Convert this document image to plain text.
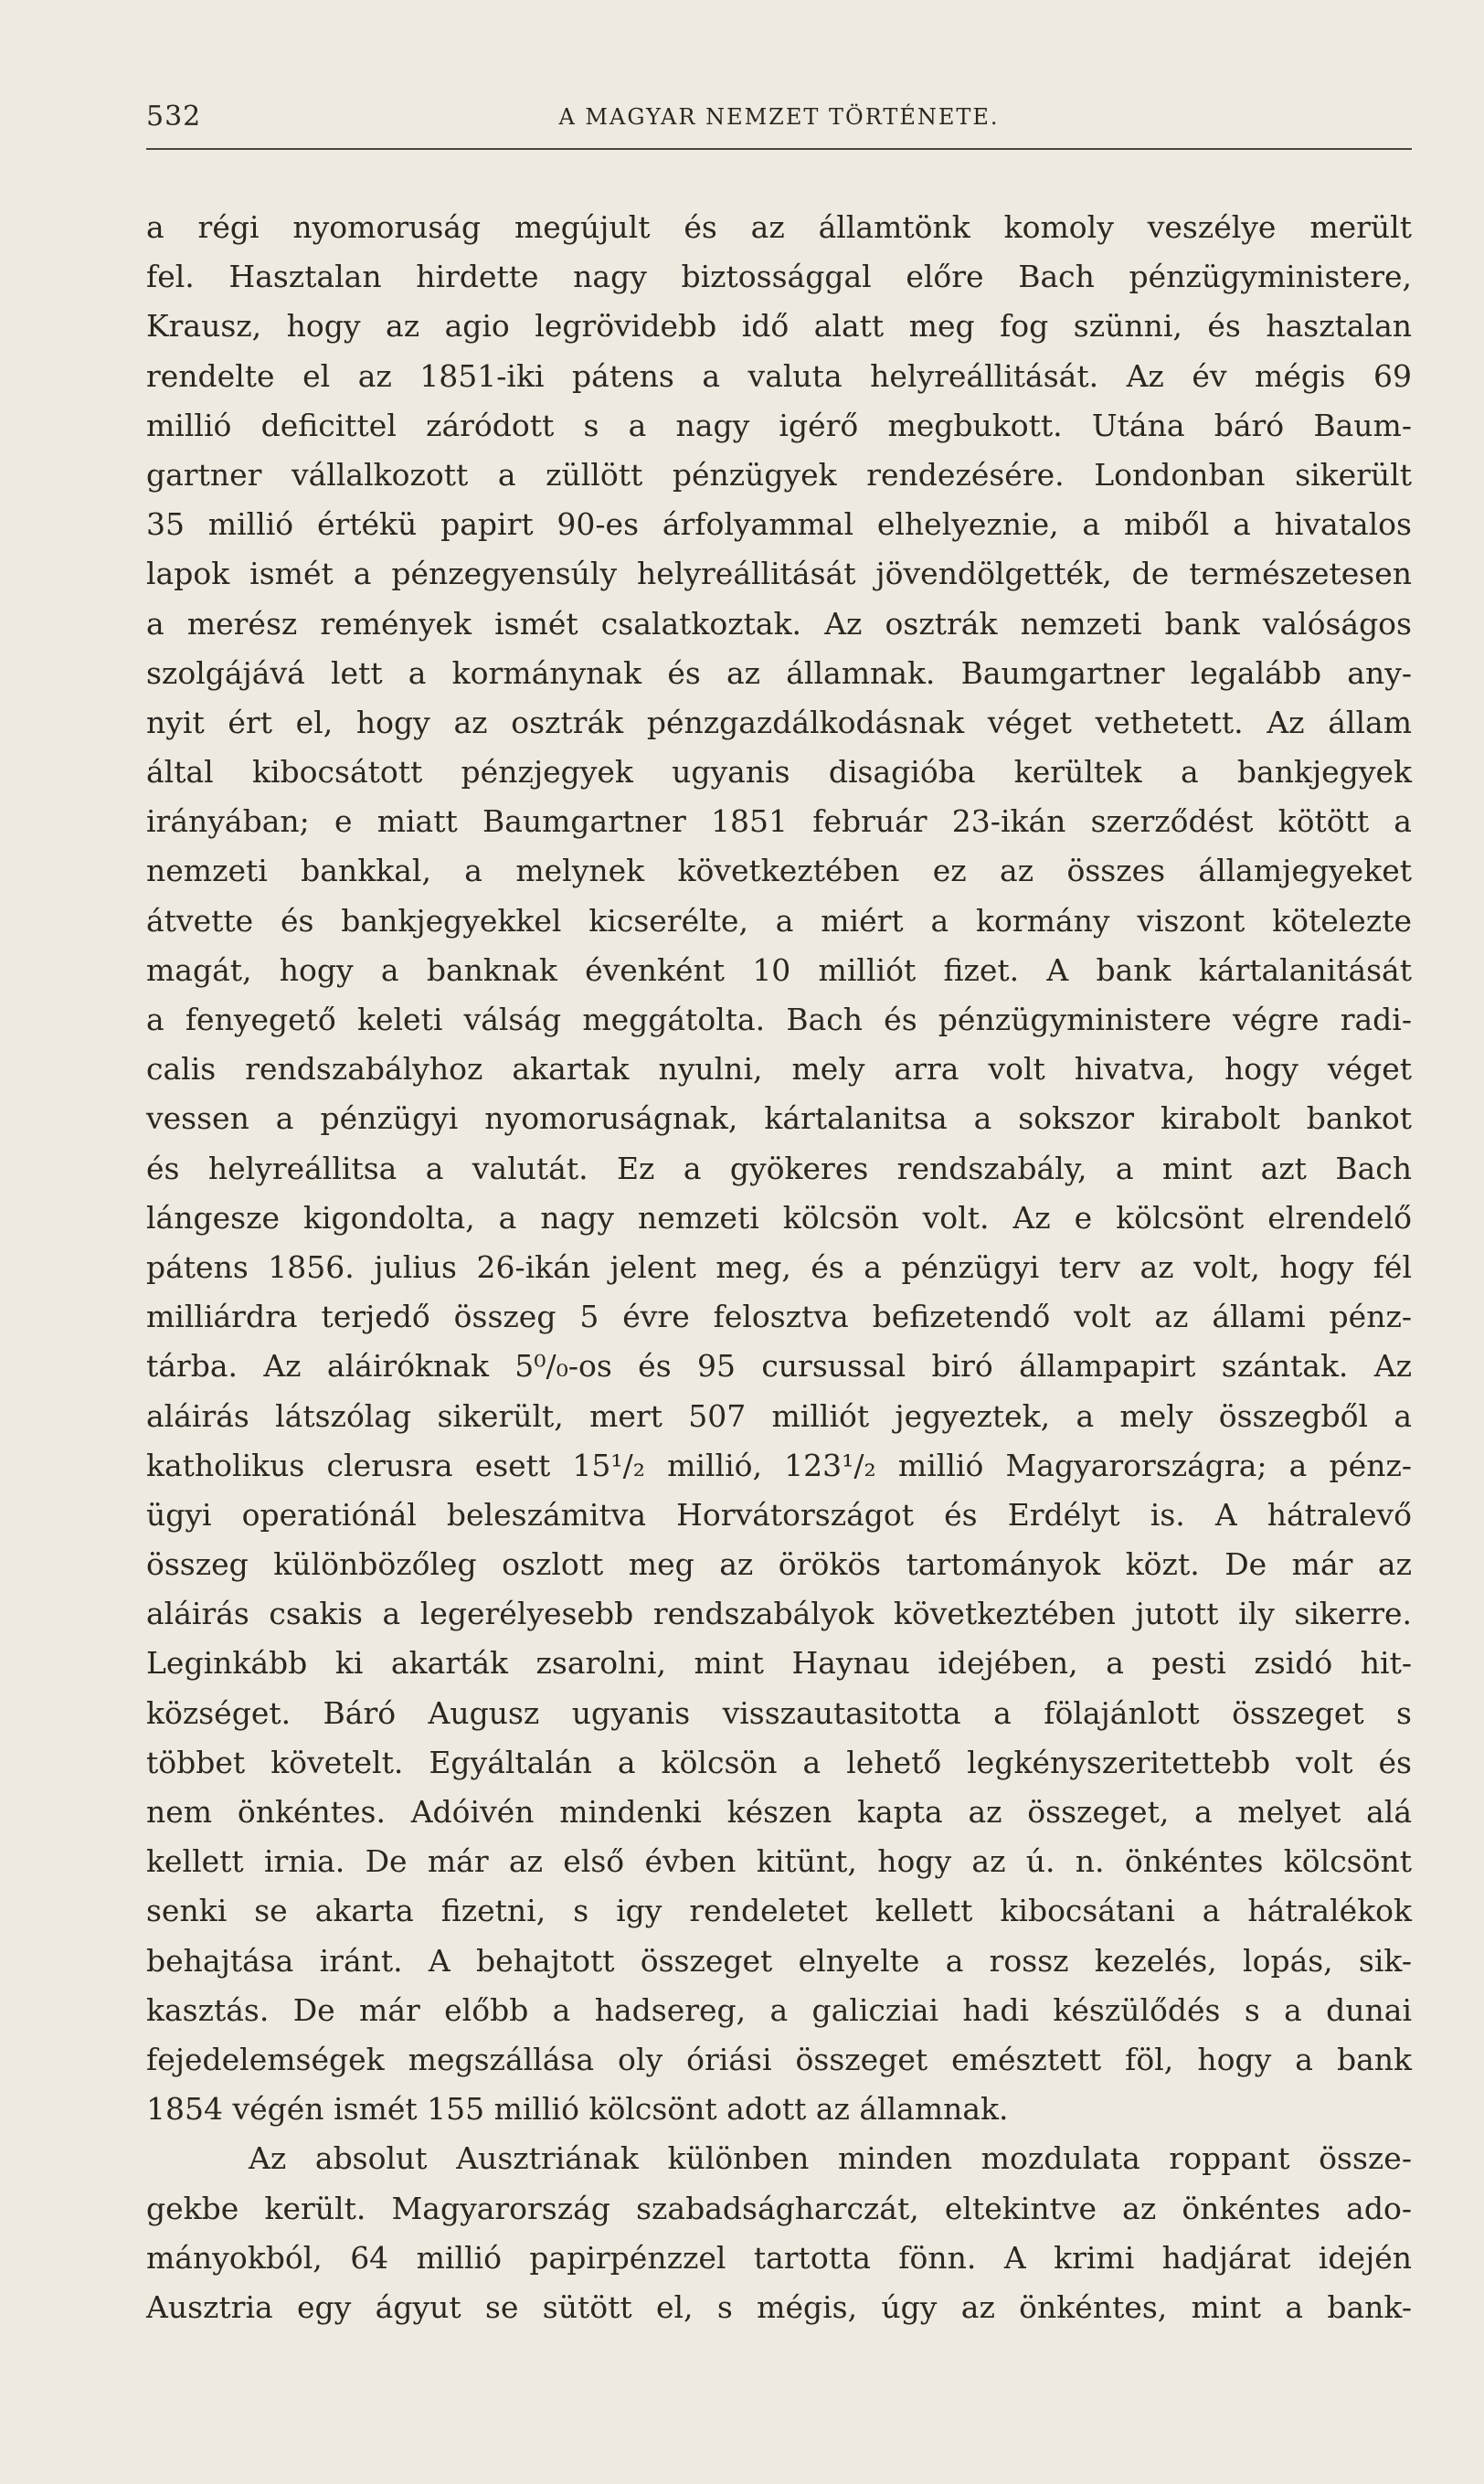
532	A MAGYAR NEMZET TÖRTÉNETE.
a régi nyomoruság megújult és az államtönk komoly veszélye merült
fel. Hasztalan hirdette nagy biztossággal előre Bach pénzügyministere,
Krausz, hogy az agio legrövidebb idő alatt meg fog szünni, és hasztalan
rendelte el az 1851-iki pátens a valuta helyreállitását. Az év mégis 69
millió deficittel záródott s a nagy igérő megbukott. Utána báró Baum-
gartner vállalkozott a züllött pénzügyek rendezésére. Londonban sikerült
35 millió értékü papirt 90-es árfolyammal elhelyeznie, a miből a hivatalos
lapok ismét a pénzegyensúly helyreállitását jövendölgették, de természetesen
a merész remények ismét csalatkoztak. Az osztrák nemzeti bank valóságos
szolgájává lett a kormánynak és az államnak. Baumgartner legalább any-
nyit ért el, hogy az osztrák pénzgazdálkodásnak véget vethetett. Az állam
által kibocsátott pénzjegyek ugyanis disagióba kerültek a bankjegyek
irányában; e miatt Baumgartner 1851 február 23-ikán szerződést kötött a
nemzeti bankkal, a melynek következtében ez az összes államjegyeket
átvette és bankjegyekkel kicserélte, a miért a kormány viszont kötelezte
magát, hogy a banknak évenként 10 milliót fizet. A bank kártalanitását
a fenyegető keleti válság meggátolta. Bach és pénzügyministere végre radi-
calis rendszabályhoz akartak nyulni, mely arra volt hivatva, hogy véget
vessen a pénzügyi nyomoruságnak, kártalanitsa a sokszor kirabolt bankot
és helyreállitsa a valutát. Ez a gyökeres rendszabály, a mint azt Bach
lángesze kigondolta, a nagy nemzeti kölcsön volt. Az e kölcsönt elrendelő
pátens 1856. julius 26-ikán jelent meg, és a pénzügyi terv az volt, hogy fél
milliárdra terjedő összeg 5 évre felosztva befizetendő volt az állami pénz-
tárba. Az aláiróknak 5⁰/₀-os és 95 cursussal biró állampapirt szántak. Az
aláirás látszólag sikerült, mert 507 milliót jegyeztek, a mely összegből a
katholikus clerusra esett 15¹/₂ millió, 123¹/₂ millió Magyarországra; a pénz-
ügyi operatiónál beleszámitva Horvátországot és Erdélyt is. A hátralevő
összeg különbözőleg oszlott meg az örökös tartományok közt. De már az
aláirás csakis a legerélyesebb rendszabályok következtében jutott ily sikerre.
Leginkább ki akarták zsarolni, mint Haynau idejében, a pesti zsidó hit-
községet. Báró Augusz ugyanis visszautasitotta a fölajánlott összeget s
többet követelt. Egyáltalán a kölcsön a lehető legkényszeritettebb volt és
nem önkéntes. Adóivén mindenki készen kapta az összeget, a melyet alá
kellett irnia. De már az első évben kitünt, hogy az ú. n. önkéntes kölcsönt
senki se akarta fizetni, s igy rendeletet kellett kibocsátani a hátralékok
behajtása iránt. A behajtott összeget elnyelte a rossz kezelés, lopás, sik-
kasztás. De már előbb a hadsereg, a galicziai hadi készülődés s a dunai
fejedelemségek megszállása oly óriási összeget emésztett föl, hogy a bank
1854 végén ismét 155 millió kölcsönt adott az államnak.
Az absolut Ausztriának különben minden mozdulata roppant össze-
gekbe került. Magyarország szabadságharczát, eltekintve az önkéntes ado-
mányokból, 64 millió papirpénzzel tartotta fönn. A krimi hadjárat idején
Ausztria egy ágyut se sütött el, s mégis, úgy az önkéntes, mint a bank-
